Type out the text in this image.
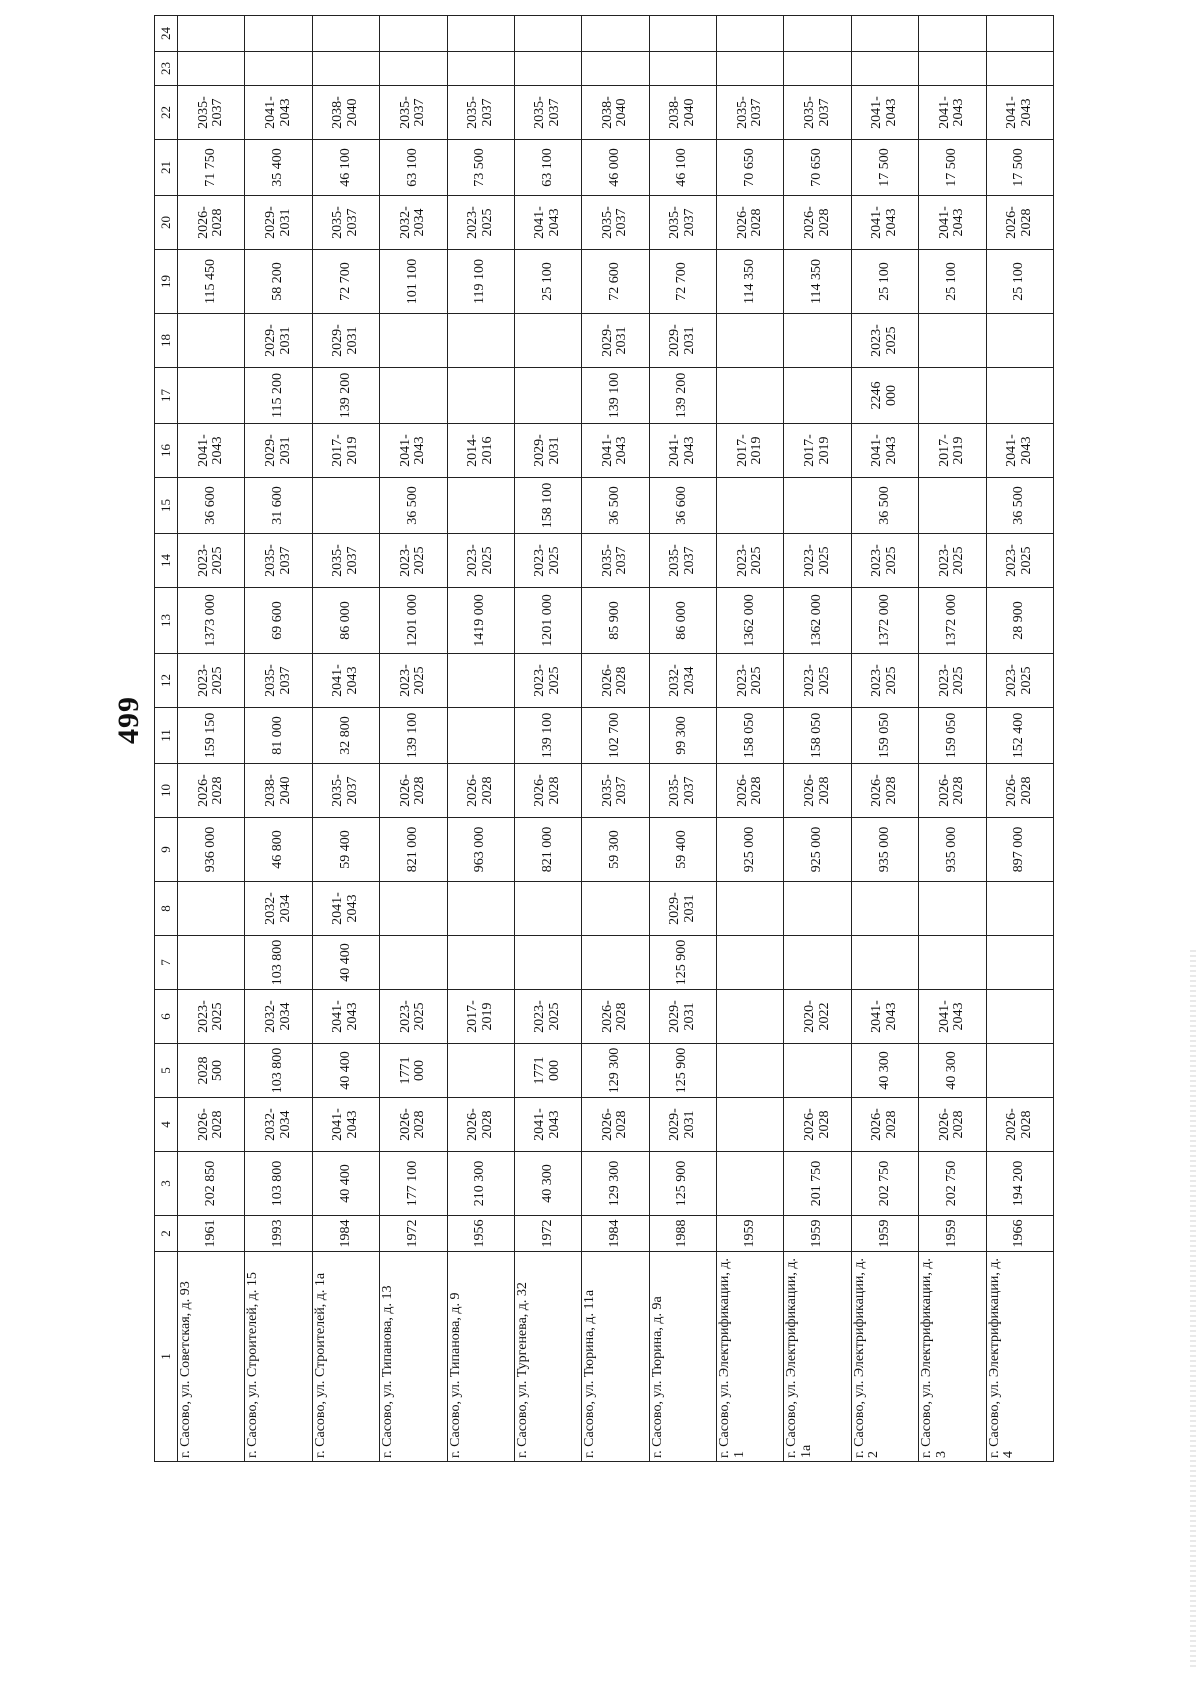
499
1	2	3	4	5	6	7	8	9	10	11	12	13	14	15	16	17	18	19	20	21	22	23	24
г. Сасово, ул. Советская, д. 93	1961	202 850	2026-2028	2028 500	2023-2025			936 000	2026-2028	159 150	2023-2025	1373 000	2023-2025	36 600	2041-2043			115 450	2026-2028	71 750	2035-2037		
г. Сасово, ул. Строителей, д. 15	1993	103 800	2032-2034	103 800	2032-2034	103 800	2032-2034	46 800	2038-2040	81 000	2035-2037	69 600	2035-2037	31 600	2029-2031	115 200	2029-2031	58 200	2029-2031	35 400	2041-2043		
г. Сасово, ул. Строителей, д. 1а	1984	40 400	2041-2043	40 400	2041-2043	40 400	2041-2043	59 400	2035-2037	32 800	2041-2043	86 000	2035-2037		2017-2019	139 200	2029-2031	72 700	2035-2037	46 100	2038-2040		
г. Сасово, ул. Типанова, д. 13	1972	177 100	2026-2028	1771 000	2023-2025			821 000	2026-2028	139 100	2023-2025	1201 000	2023-2025	36 500	2041-2043			101 100	2032-2034	63 100	2035-2037		
г. Сасово, ул. Типанова, д. 9	1956	210 300	2026-2028		2017-2019			963 000	2026-2028			1419 000	2023-2025		2014-2016			119 100	2023-2025	73 500	2035-2037		
г. Сасово, ул. Тургенева, д. 32	1972	40 300	2041-2043	1771 000	2023-2025			821 000	2026-2028	139 100	2023-2025	1201 000	2023-2025	158 100	2029-2031			25 100	2041-2043	63 100	2035-2037		
г. Сасово, ул. Тюрина, д. 11а	1984	129 300	2026-2028	129 300	2026-2028			59 300	2035-2037	102 700	2026-2028	85 900	2035-2037	36 500	2041-2043	139 100	2029-2031	72 600	2035-2037	46 000	2038-2040		
г. Сасово, ул. Тюрина, д. 9а	1988	125 900	2029-2031	125 900	2029-2031	125 900	2029-2031	59 400	2035-2037	99 300	2032-2034	86 000	2035-2037	36 600	2041-2043	139 200	2029-2031	72 700	2035-2037	46 100	2038-2040		
г. Сасово, ул. Электрификации, д. 1	1959							925 000	2026-2028	158 050	2023-2025	1362 000	2023-2025		2017-2019			114 350	2026-2028	70 650	2035-2037		
г. Сасово, ул. Электрификации, д. 1а	1959	201 750	2026-2028		2020-2022			925 000	2026-2028	158 050	2023-2025	1362 000	2023-2025		2017-2019			114 350	2026-2028	70 650	2035-2037		
г. Сасово, ул. Электрификации, д. 2	1959	202 750	2026-2028	40 300	2041-2043			935 000	2026-2028	159 050	2023-2025	1372 000	2023-2025	36 500	2041-2043	2246 000	2023-2025	25 100	2041-2043	17 500	2041-2043		
г. Сасово, ул. Электрификации, д. 3	1959	202 750	2026-2028	40 300	2041-2043			935 000	2026-2028	159 050	2023-2025	1372 000	2023-2025		2017-2019			25 100	2041-2043	17 500	2041-2043		
г. Сасово, ул. Электрификации, д. 4	1966	194 200	2026-2028					897 000	2026-2028	152 400	2023-2025	28 900	2023-2025	36 500	2041-2043			25 100	2026-2028	17 500	2041-2043		
